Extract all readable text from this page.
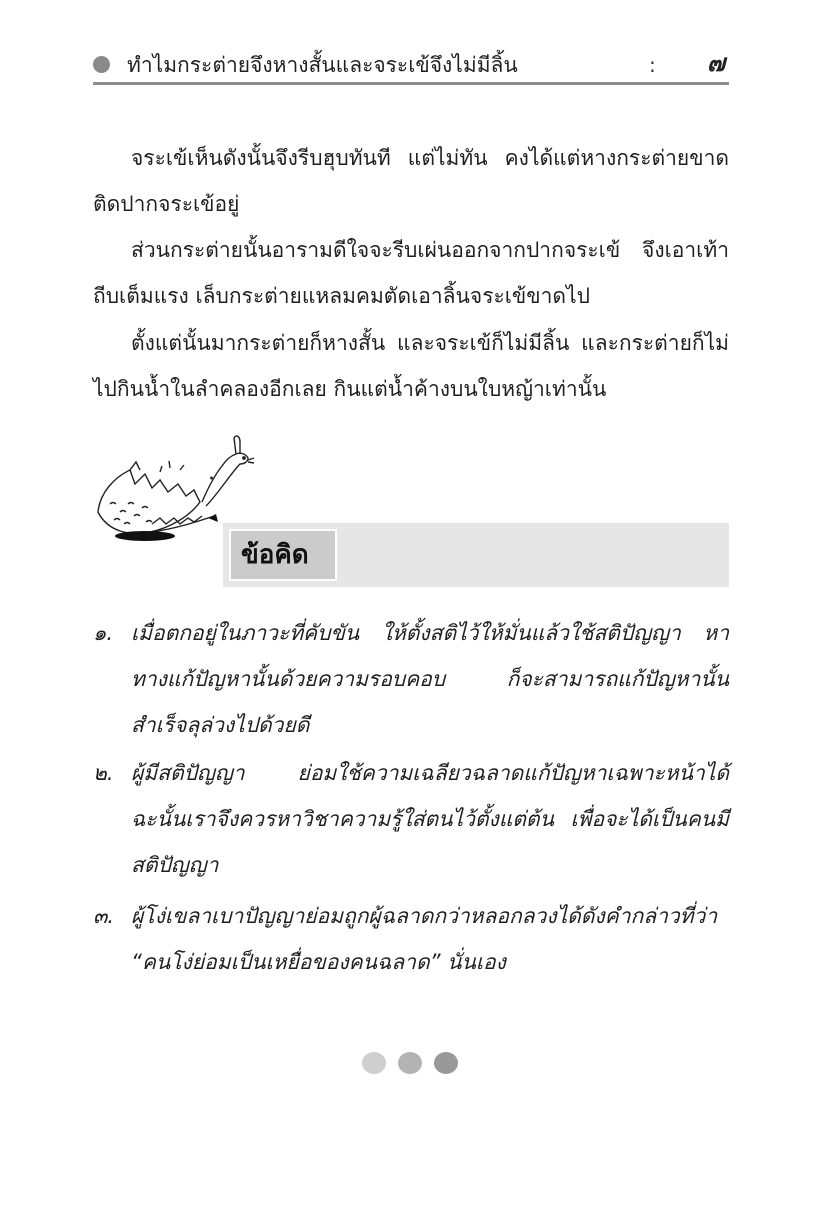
ทำไมกระต่ายจึงหางสั้นและจระเข้จึงไม่มีลิ้น	: ๗
จระเข้เห็นดังนั้นจึงรีบฮุบทันที แต่ไม่ทัน คงได้แต่หางกระต่ายขาดติดปากจระเข้อยู่
ส่วนกระต่ายนั้นอารามดีใจจะรีบเผ่นออกจากปากจระเข้ จึงเอาเท้าถีบเต็มแรง เล็บกระต่ายแหลมคมตัดเอาลิ้นจระเข้ขาดไป
ตั้งแต่นั้นมากระต่ายก็หางสั้น และจระเข้ก็ไม่มีลิ้น และกระต่ายก็ไม่ไปกินน้ำในลำคลองอีกเลย กินแต่น้ำค้างบนใบหญ้าเท่านั้น
ข้อคิด
๑. เมื่อตกอยู่ในภาวะที่คับขัน ให้ตั้งสติไว้ให้มั่นแล้วใช้สติปัญญา หา ทางแก้ปัญหานั้นด้วยความรอบคอบ ก็จะสามารถแก้ปัญหานั้นสำเร็จลุล่วงไปด้วยดี
๒. ผู้มีสติปัญญา ย่อมใช้ความเฉลียวฉลาดแก้ปัญหาเฉพาะหน้าได้ ฉะนั้นเราจึงควรหาวิชาความรู้ใส่ตนไว้ตั้งแต่ต้น เพื่อจะได้เป็นคนมีสติปัญญา
๓. ผู้โง่เขลาเบาปัญญาย่อมถูกผู้ฉลาดกว่าหลอกลวงได้ดังคำกล่าวที่ว่า “คนโง่ย่อมเป็นเหยื่อของคนฉลาด” นั่นเอง
